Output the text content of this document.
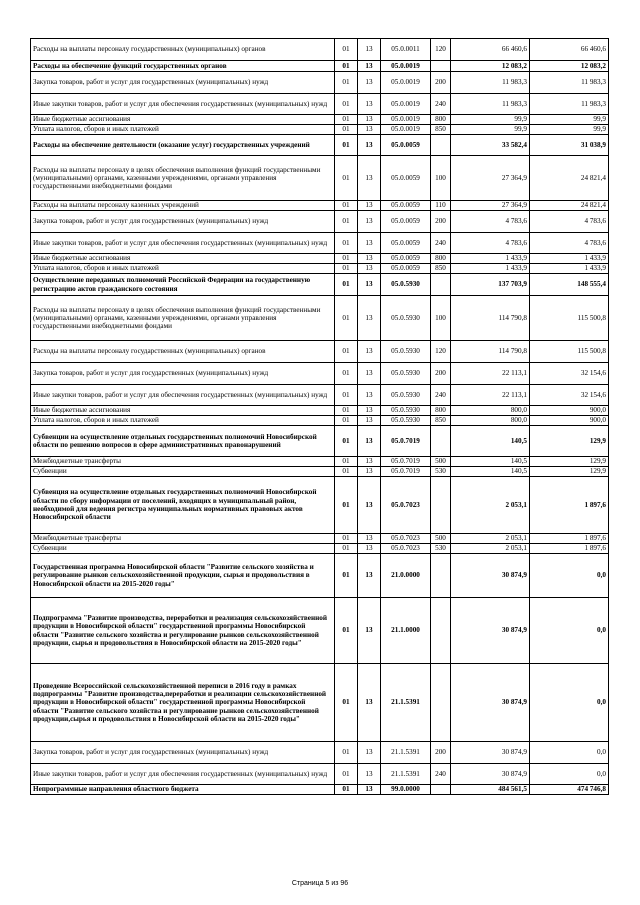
Расходы на выплаты персоналу государственных (муниципальных) органов	01	13	05.0.0011	120	66 460,6	66 460,6
Расходы на обеспечение функций государственных органов	01	13	05.0.0019		12 083,2	12 083,2
Закупка товаров, работ и услуг для государственных (муниципальных) нужд	01	13	05.0.0019	200	11 983,3	11 983,3
Иные закупки товаров, работ и услуг для обеспечения государственных (муниципальных) нужд	01	13	05.0.0019	240	11 983,3	11 983,3
Иные бюджетные ассигнования	01	13	05.0.0019	800	99,9	99,9
Уплата налогов, сборов и иных платежей	01	13	05.0.0019	850	99,9	99,9
Расходы на обеспечение деятельности (оказание услуг) государственных учреждений	01	13	05.0.0059		33 582,4	31 038,9
Расходы на выплаты персоналу в целях обеспечения выполнения функций государственными (муниципальными) органами, казенными учреждениями, органами управления государственными внебюджетными фондами	01	13	05.0.0059	100	27 364,9	24 821,4
Расходы на выплаты персоналу казенных учреждений	01	13	05.0.0059	110	27 364,9	24 821,4
Закупка товаров, работ и услуг для государственных (муниципальных) нужд	01	13	05.0.0059	200	4 783,6	4 783,6
Иные закупки товаров, работ и услуг для обеспечения государственных (муниципальных) нужд	01	13	05.0.0059	240	4 783,6	4 783,6
Иные бюджетные ассигнования	01	13	05.0.0059	800	1 433,9	1 433,9
Уплата налогов, сборов и иных платежей	01	13	05.0.0059	850	1 433,9	1 433,9
Осуществление переданных полномочий Российской Федерации на государственную регистрацию актов гражданского состояния	01	13	05.0.5930		137 703,9	148 555,4
Расходы на выплаты персоналу в целях обеспечения выполнения функций государственными (муниципальными) органами, казенными учреждениями, органами управления государственными внебюджетными фондами	01	13	05.0.5930	100	114 790,8	115 500,8
Расходы на выплаты персоналу государственных (муниципальных) органов	01	13	05.0.5930	120	114 790,8	115 500,8
Закупка товаров, работ и услуг для государственных (муниципальных) нужд	01	13	05.0.5930	200	22 113,1	32 154,6
Иные закупки товаров, работ и услуг для обеспечения государственных (муниципальных) нужд	01	13	05.0.5930	240	22 113,1	32 154,6
Иные бюджетные ассигнования	01	13	05.0.5930	800	800,0	900,0
Уплата налогов, сборов и иных платежей	01	13	05.0.5930	850	800,0	900,0
Субвенции на осуществление отдельных государственных полномочий Новосибирской области по решению вопросов в сфере административных правонарушений	01	13	05.0.7019		140,5	129,9
Межбюджетные трансферты	01	13	05.0.7019	500	140,5	129,9
Субвенции	01	13	05.0.7019	530	140,5	129,9
Субвенция на осуществление отдельных государственных полномочий Новосибирской области по сбору информации от поселений, входящих в муниципальный район, необходимой для ведения регистра муниципальных нормативных правовых актов Новосибирской области	01	13	05.0.7023		2 053,1	1 897,6
Межбюджетные трансферты	01	13	05.0.7023	500	2 053,1	1 897,6
Субвенции	01	13	05.0.7023	530	2 053,1	1 897,6
Государственная программа Новосибирской области "Развитие сельского хозяйства и регулирование рынков сельскохозяйственной продукции, сырья и продовольствия в Новосибирской области на 2015-2020 годы"	01	13	21.0.0000		30 874,9	0,0
Подпрограмма "Развитие производства, переработки и реализация сельскохозяйственной продукции в Новосибирской области" государственной программы Новосибирской области "Развитие сельского хозяйства и регулирование рынков сельскохозяйственной продукции, сырья и продовольствия в Новосибирской области на 2015-2020 годы"	01	13	21.1.0000		30 874,9	0,0
Проведение Всероссийской сельскохозяйственной переписи в 2016 году в рамках подпрограммы "Развитие производства,переработки и реализации сельскохозяйственной продукции в Новосибирской области" государственной программы Новосибирской области "Развитие сельского хозяйства и регулирование рынков сельскохозяйственной продукции,сырья и продовольствия в Новосибирской области на 2015-2020 годы"	01	13	21.1.5391		30 874,9	0,0
Закупка товаров, работ и услуг для государственных (муниципальных) нужд	01	13	21.1.5391	200	30 874,9	0,0
Иные закупки товаров, работ и услуг для обеспечения государственных (муниципальных) нужд	01	13	21.1.5391	240	30 874,9	0,0
Непрограммные направления областного бюджета	01	13	99.0.0000		484 561,5	474 746,8
Страница 5 из 96
